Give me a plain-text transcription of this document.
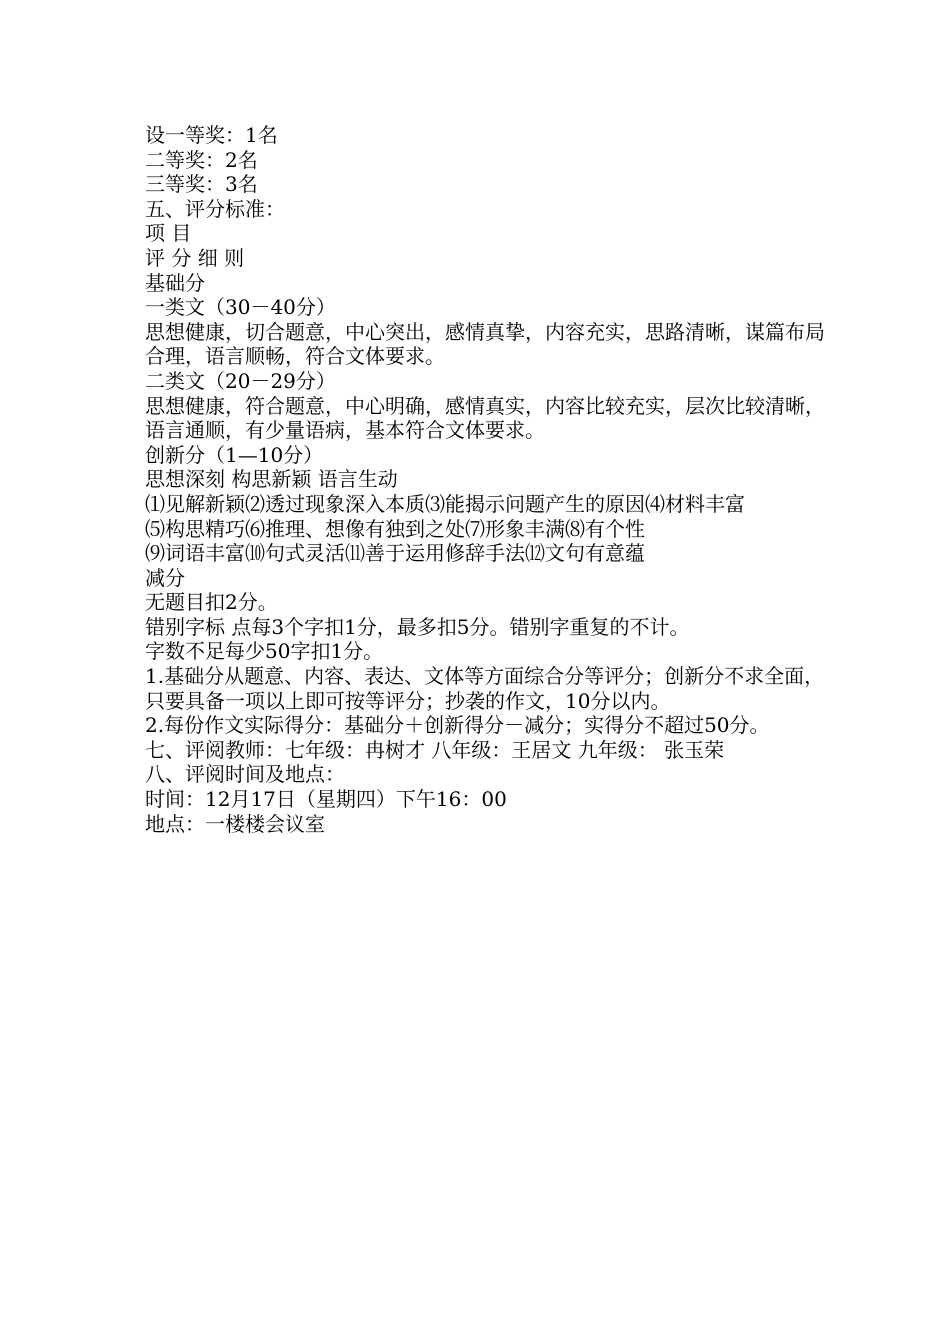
设一等奖：1名

二等奖：2名

三等奖：3名

五、评分标准：

项 目

评 分 细 则

基础分

一类文（30－40分）

思想健康，切合题意，中心突出，感情真挚，内容充实，思路清晰，谋篇布局合理，语言顺畅，符合文体要求。

二类文（20－29分）

思想健康，符合题意，中心明确，感情真实，内容比较充实，层次比较清晰，语言通顺，有少量语病，基本符合文体要求。

创新分（1—10分）

思想深刻 构思新颖 语言生动

⑴见解新颖⑵透过现象深入本质⑶能揭示问题产生的原因⑷材料丰富

⑸构思精巧⑹推理、想像有独到之处⑺形象丰满⑻有个性

⑼词语丰富⑽句式灵活⑾善于运用修辞手法⑿文句有意蕴

减分

无题目扣2分。

错别字标 点每3个字扣1分，最多扣5分。错别字重复的不计。

字数不足每少50字扣1分。

1.基础分从题意、内容、表达、文体等方面综合分等评分；创新分不求全面，只要具备一项以上即可按等评分；抄袭的作文，10分以内。

2.每份作文实际得分：基础分＋创新得分－减分；实得分不超过50分。

七、评阅教师：七年级：冉树才 八年级：王居文 九年级： 张玉荣

八、评阅时间及地点：

时间：12月17日（星期四）下午16：00

地点：一楼楼会议室
